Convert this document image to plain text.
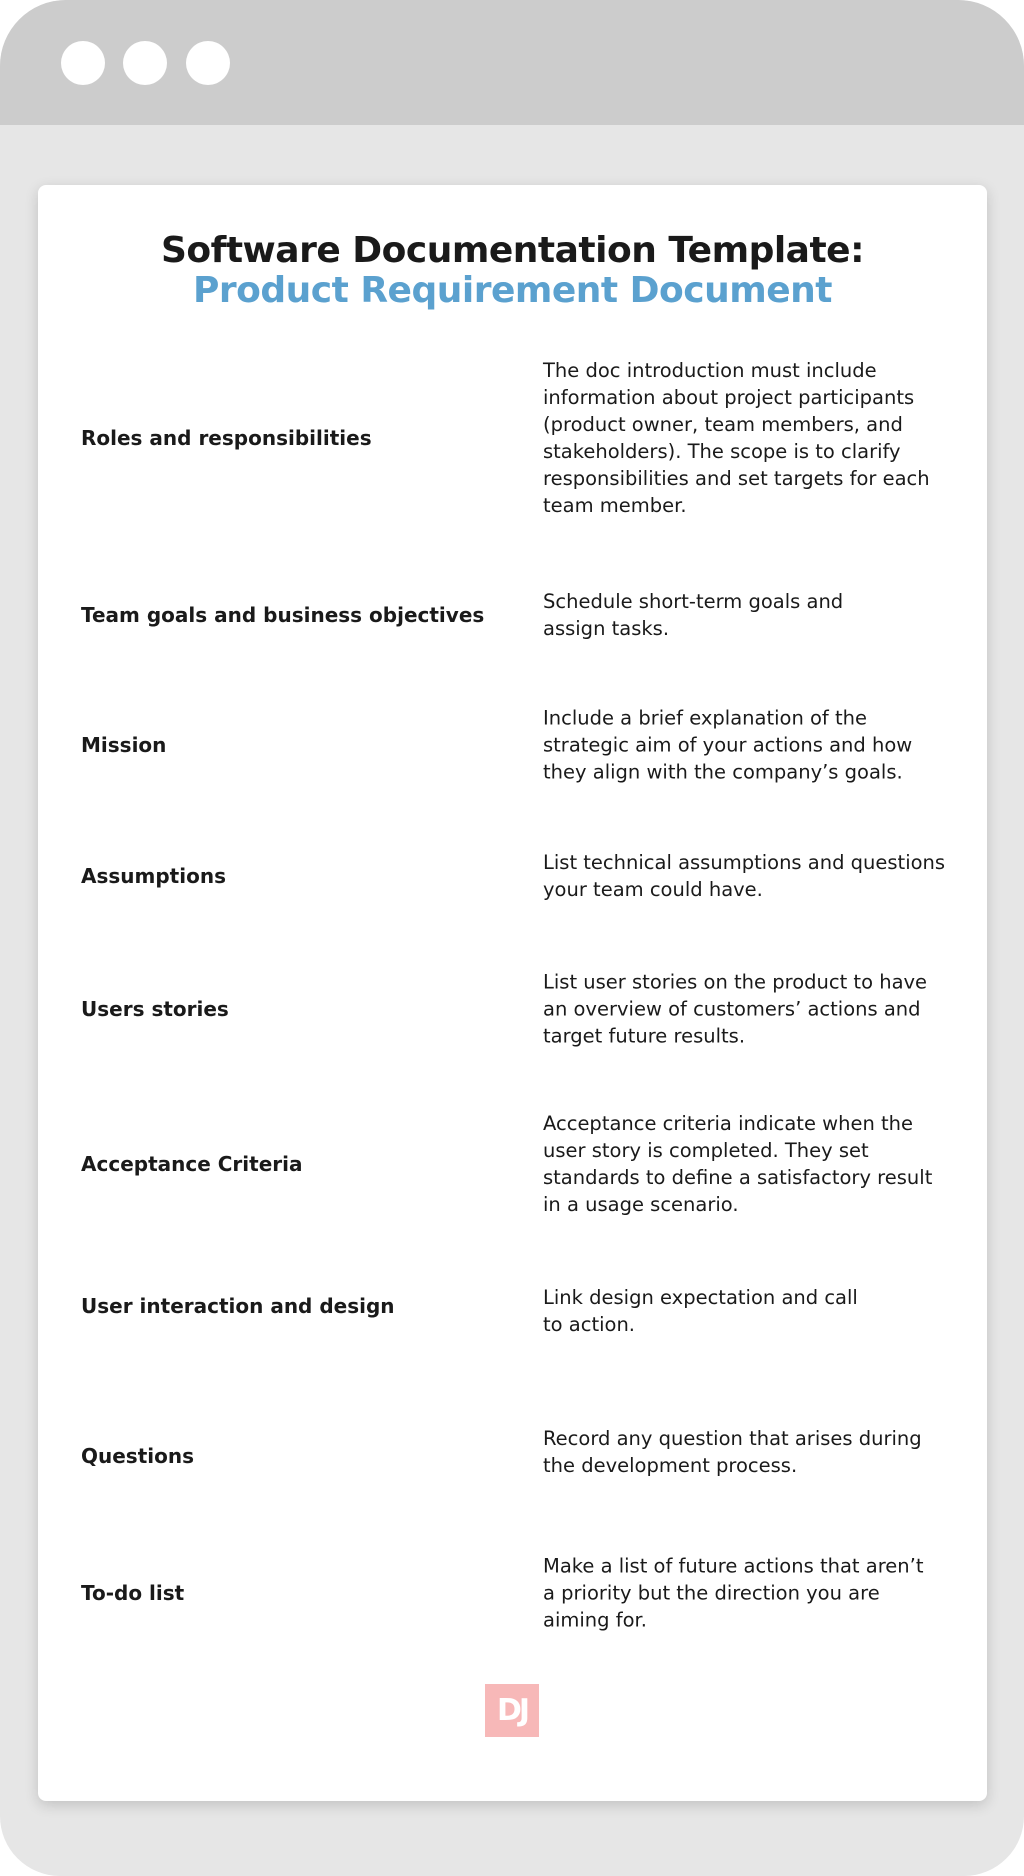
Software Documentation Template:
Product Requirement Document
Roles and responsibilities
The doc introduction must include
information about project participants
(product owner, team members, and
stakeholders). The scope is to clarify
responsibilities and set targets for each
team member.
Team goals and business objectives
Schedule short-term goals and
assign tasks.
Mission
Include a brief explanation of the
strategic aim of your actions and how
they align with the company’s goals.
Assumptions
List technical assumptions and questions
your team could have.
Users stories
List user stories on the product to have
an overview of customers’ actions and
target future results.
Acceptance Criteria
Acceptance criteria indicate when the
user story is completed. They set
standards to define a satisfactory result
in a usage scenario.
User interaction and design	Link design expectation and call
to action.
Questions
Record any question that arises during
the development process.
To-do list
Make a list of future actions that aren’t
a priority but the direction you are
aiming for.
DJ
